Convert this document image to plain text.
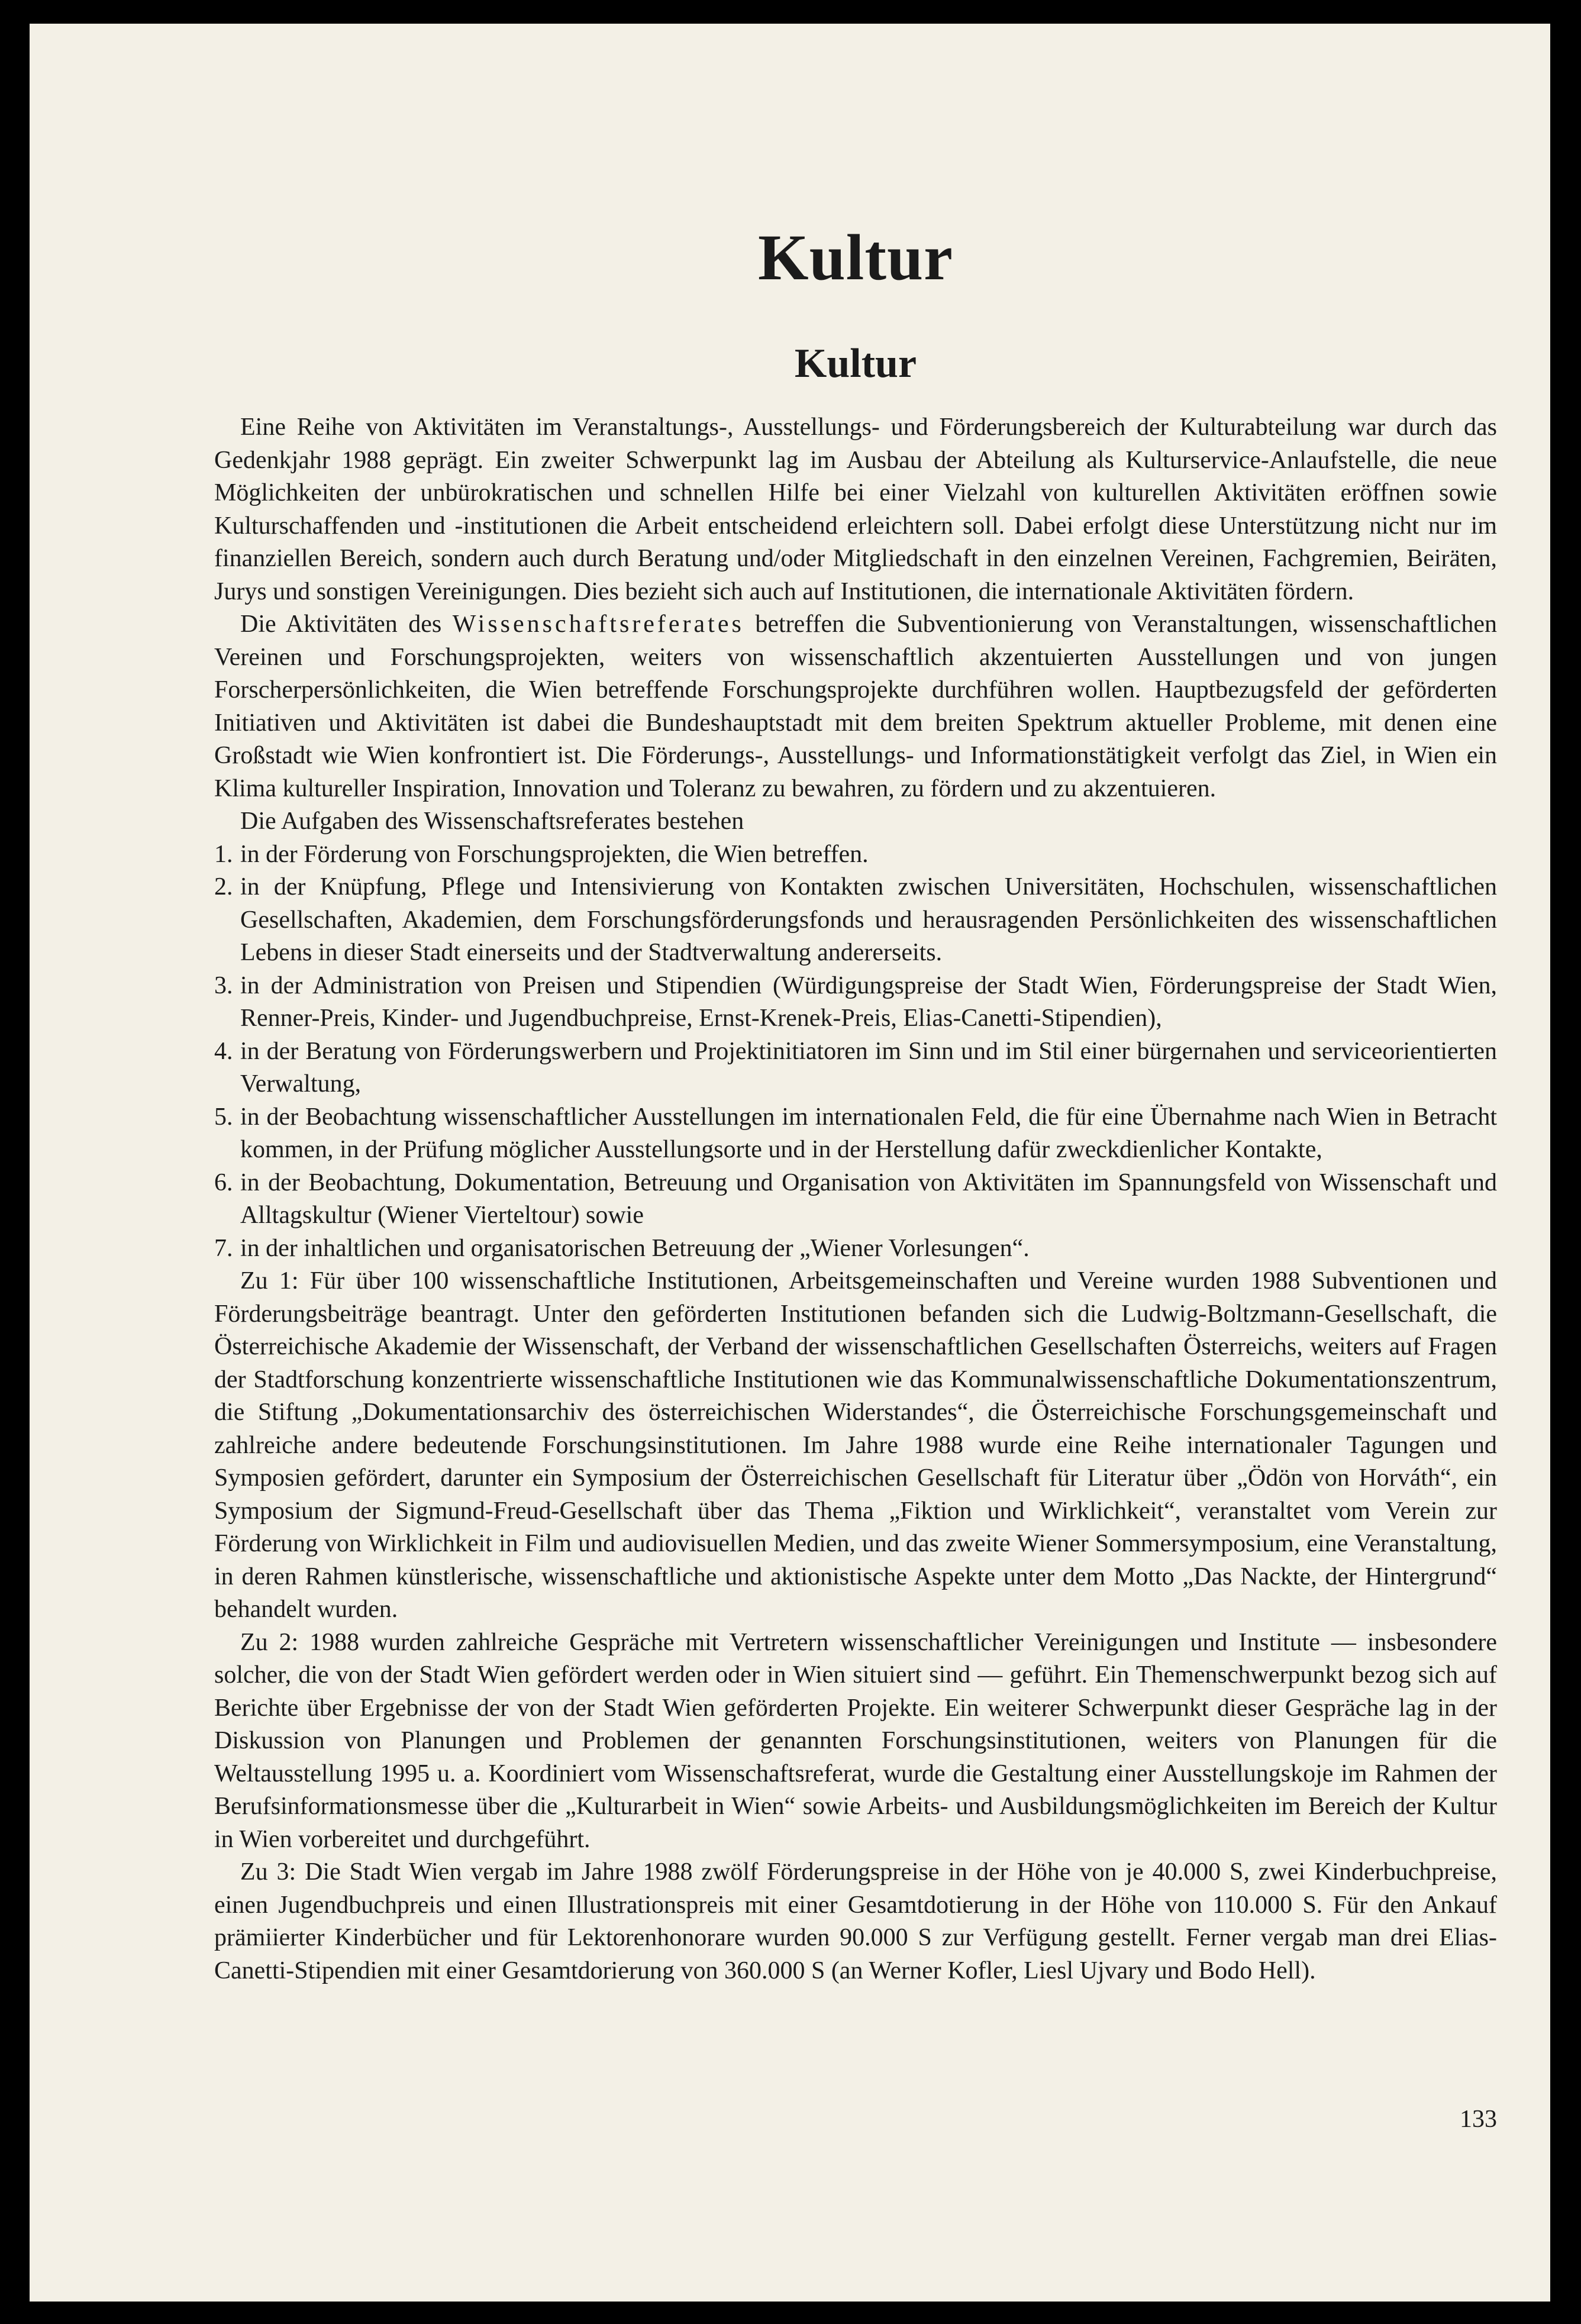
Kultur
Kultur

Eine Reihe von Aktivitäten im Veranstaltungs-, Ausstellungs- und Förderungsbereich der Kulturabteilung war durch das Gedenkjahr 1988 geprägt. Ein zweiter Schwerpunkt lag im Ausbau der Abteilung als Kulturservice-Anlaufstelle, die neue Möglichkeiten der unbürokratischen und schnellen Hilfe bei einer Vielzahl von kulturellen Aktivitäten eröffnen sowie Kulturschaffenden und -institutionen die Arbeit entscheidend erleichtern soll. Dabei erfolgt diese Unterstützung nicht nur im finanziellen Bereich, sondern auch durch Beratung und/oder Mitgliedschaft in den einzelnen Vereinen, Fachgremien, Beiräten, Jurys und sonstigen Vereinigungen. Dies bezieht sich auch auf Institutionen, die internationale Aktivitäten fördern.

Die Aktivitäten des Wissenschaftsreferates betreffen die Subventionierung von Veranstaltungen, wissenschaftlichen Vereinen und Forschungsprojekten, weiters von wissenschaftlich akzentuierten Ausstellungen und von jungen Forscherpersönlichkeiten, die Wien betreffende Forschungsprojekte durchführen wollen. Hauptbezugsfeld der geförderten Initiativen und Aktivitäten ist dabei die Bundeshauptstadt mit dem breiten Spektrum aktueller Probleme, mit denen eine Großstadt wie Wien konfrontiert ist. Die Förderungs-, Ausstellungs- und Informationstätigkeit verfolgt das Ziel, in Wien ein Klima kultureller Inspiration, Innovation und Toleranz zu bewahren, zu fördern und zu akzentuieren.

Die Aufgaben des Wissenschaftsreferates bestehen

1. in der Förderung von Forschungsprojekten, die Wien betreffen.
2. in der Knüpfung, Pflege und Intensivierung von Kontakten zwischen Universitäten, Hochschulen, wissenschaftlichen Gesellschaften, Akademien, dem Forschungsförderungsfonds und herausragenden Persönlichkeiten des wissenschaftlichen Lebens in dieser Stadt einerseits und der Stadtverwaltung andererseits.
3. in der Administration von Preisen und Stipendien (Würdigungspreise der Stadt Wien, Förderungspreise der Stadt Wien, Renner-Preis, Kinder- und Jugendbuchpreise, Ernst-Krenek-Preis, Elias-Canetti-Stipendien),
4. in der Beratung von Förderungswerbern und Projektinitiatoren im Sinn und im Stil einer bürgernahen und serviceorientierten Verwaltung,
5. in der Beobachtung wissenschaftlicher Ausstellungen im internationalen Feld, die für eine Übernahme nach Wien in Betracht kommen, in der Prüfung möglicher Ausstellungsorte und in der Herstellung dafür zweckdienlicher Kontakte,
6. in der Beobachtung, Dokumentation, Betreuung und Organisation von Aktivitäten im Spannungsfeld von Wissenschaft und Alltagskultur (Wiener Vierteltour) sowie
7. in der inhaltlichen und organisatorischen Betreuung der „Wiener Vorlesungen“.

Zu 1: Für über 100 wissenschaftliche Institutionen, Arbeitsgemeinschaften und Vereine wurden 1988 Subventionen und Förderungsbeiträge beantragt. Unter den geförderten Institutionen befanden sich die Ludwig-Boltzmann-Gesellschaft, die Österreichische Akademie der Wissenschaft, der Verband der wissenschaftlichen Gesellschaften Österreichs, weiters auf Fragen der Stadtforschung konzentrierte wissenschaftliche Institutionen wie das Kommunalwissenschaftliche Dokumentationszentrum, die Stiftung „Dokumentationsarchiv des österreichischen Widerstandes“, die Österreichische Forschungsgemeinschaft und zahlreiche andere bedeutende Forschungsinstitutionen. Im Jahre 1988 wurde eine Reihe internationaler Tagungen und Symposien gefördert, darunter ein Symposium der Österreichischen Gesellschaft für Literatur über „Ödön von Horváth“, ein Symposium der Sigmund-Freud-Gesellschaft über das Thema „Fiktion und Wirklichkeit“, veranstaltet vom Verein zur Förderung von Wirklichkeit in Film und audiovisuellen Medien, und das zweite Wiener Sommersymposium, eine Veranstaltung, in deren Rahmen künstlerische, wissenschaftliche und aktionistische Aspekte unter dem Motto „Das Nackte, der Hintergrund“ behandelt wurden.

Zu 2: 1988 wurden zahlreiche Gespräche mit Vertretern wissenschaftlicher Vereinigungen und Institute — insbesondere solcher, die von der Stadt Wien gefördert werden oder in Wien situiert sind — geführt. Ein Themenschwerpunkt bezog sich auf Berichte über Ergebnisse der von der Stadt Wien geförderten Projekte. Ein weiterer Schwerpunkt dieser Gespräche lag in der Diskussion von Planungen und Problemen der genannten Forschungsinstitutionen, weiters von Planungen für die Weltausstellung 1995 u. a. Koordiniert vom Wissenschaftsreferat, wurde die Gestaltung einer Ausstellungskoje im Rahmen der Berufsinformationsmesse über die „Kulturarbeit in Wien“ sowie Arbeits- und Ausbildungsmöglichkeiten im Bereich der Kultur in Wien vorbereitet und durchgeführt.

Zu 3: Die Stadt Wien vergab im Jahre 1988 zwölf Förderungspreise in der Höhe von je 40.000 S, zwei Kinderbuchpreise, einen Jugendbuchpreis und einen Illustrationspreis mit einer Gesamtdotierung in der Höhe von 110.000 S. Für den Ankauf prämiierter Kinderbücher und für Lektorenhonorare wurden 90.000 S zur Verfügung gestellt. Ferner vergab man drei Elias-Canetti-Stipendien mit einer Gesamtdorierung von 360.000 S (an Werner Kofler, Liesl Ujvary und Bodo Hell).

133
